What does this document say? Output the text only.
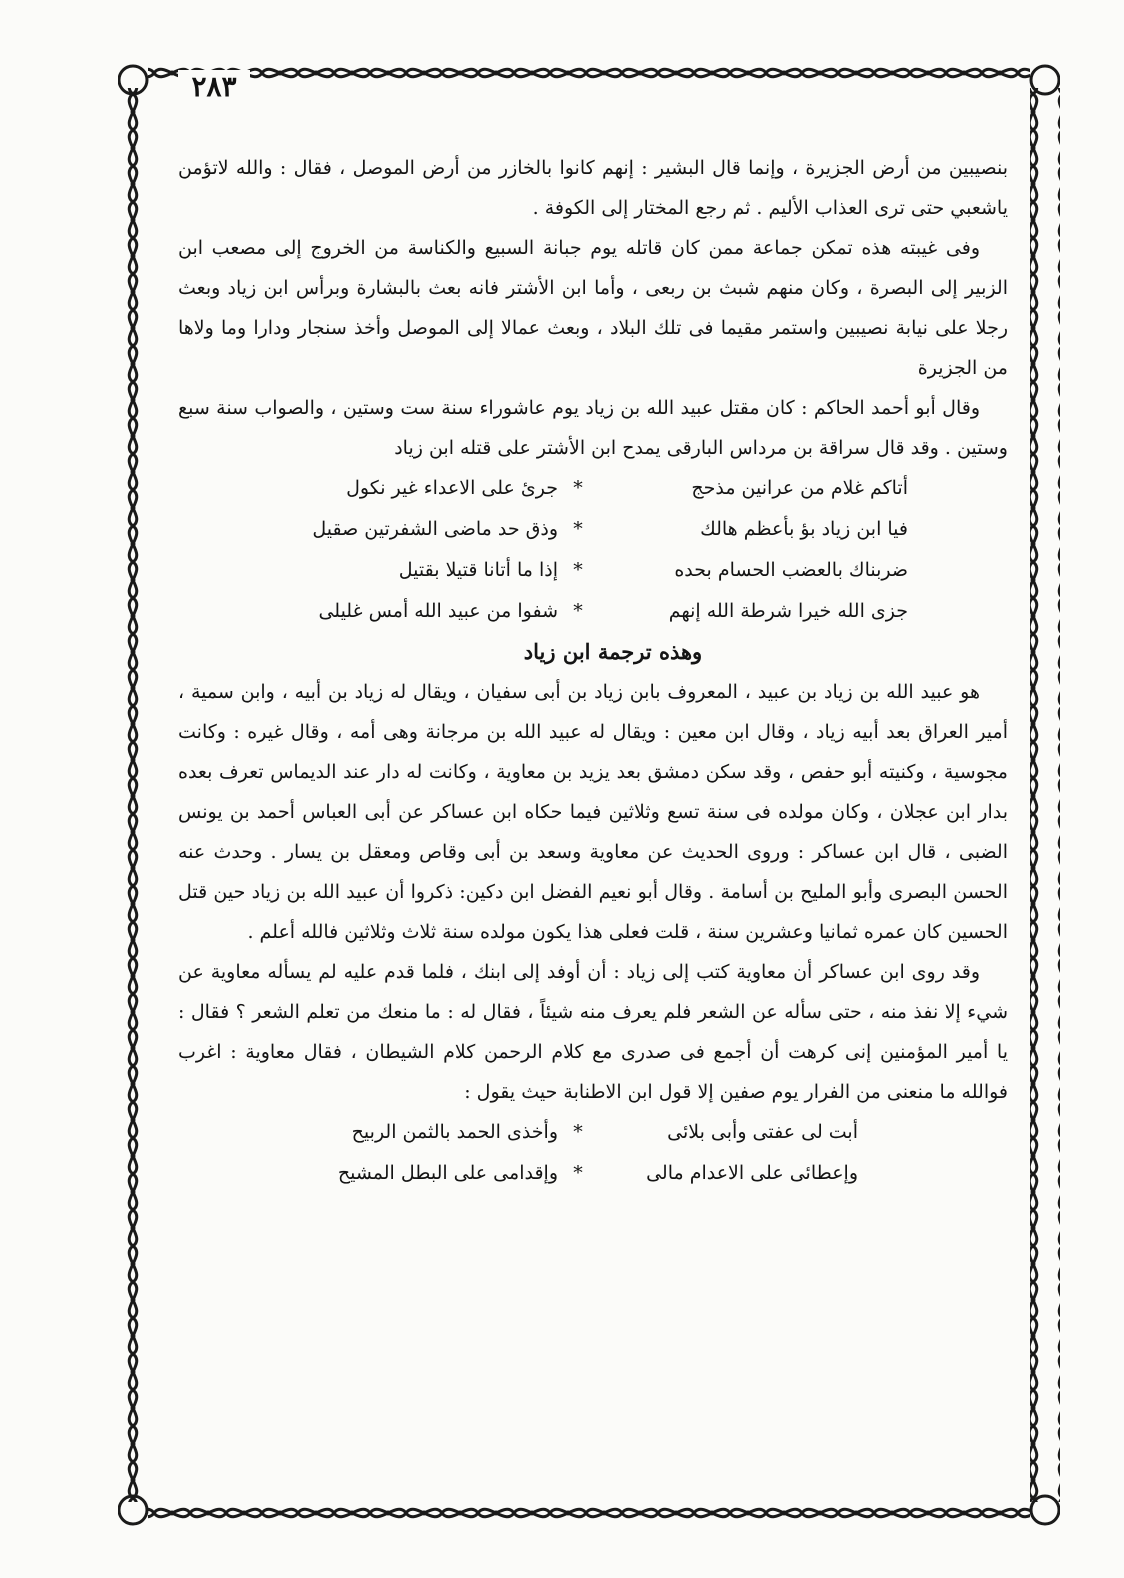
٢٨٣

بنصيبين من أرض الجزيرة ، وإنما قال البشير : إنهم كانوا بالخازر من أرض الموصل ، فقال : والله لاتؤمن ياشعبي حتى ترى العذاب الأليم . ثم رجع المختار إلى الكوفة .

وفى غيبته هذه تمكن جماعة ممن كان قاتله يوم جبانة السبيع والكناسة من الخروج إلى مصعب ابن الزبير إلى البصرة ، وكان منهم شبث بن ربعى ، وأما ابن الأشتر فانه بعث بالبشارة وبرأس ابن زياد وبعث رجلا على نيابة نصيبين واستمر مقيما فى تلك البلاد ، وبعث عمالا إلى الموصل وأخذ سنجار ودارا وما ولاها من الجزيرة

وقال أبو أحمد الحاكم : كان مقتل عبيد الله بن زياد يوم عاشوراء سنة ست وستين ، والصواب سنة سبع وستين . وقد قال سراقة بن مرداس البارقى يمدح ابن الأشتر على قتله ابن زياد

أتاكم غلام من عرانين مذحج
*
جرئ على الاعداء غير نكول
فيا ابن زياد بؤ بأعظم هالك
*
وذق حد ماضى الشفرتين صقيل
ضربناك بالعضب الحسام بحده
*
إذا ما أتانا قتيلا بقتيل
جزى الله خيرا شرطة الله إنهم
*
شفوا من عبيد الله أمس غليلى
وهذه ترجمة ابن زياد

هو عبيد الله بن زياد بن عبيد ، المعروف بابن زياد بن أبى سفيان ، ويقال له زياد بن أبيه ، وابن سمية ، أمير العراق بعد أبيه زياد ، وقال ابن معين : ويقال له عبيد الله بن مرجانة وهى أمه ، وقال غيره : وكانت مجوسية ، وكنيته أبو حفص ، وقد سكن دمشق بعد يزيد بن معاوية ، وكانت له دار عند الديماس تعرف بعده بدار ابن عجلان ، وكان مولده فى سنة تسع وثلاثين فيما حكاه ابن عساكر عن أبى العباس أحمد بن يونس الضبى ، قال ابن عساكر : وروى الحديث عن معاوية وسعد بن أبى وقاص ومعقل بن يسار . وحدث عنه الحسن البصرى وأبو المليح بن أسامة . وقال أبو نعيم الفضل ابن دكين: ذكروا أن عبيد الله بن زياد حين قتل الحسين كان عمره ثمانيا وعشرين سنة ، قلت فعلى هذا يكون مولده سنة ثلاث وثلاثين فالله أعلم .

وقد روى ابن عساكر أن معاوية كتب إلى زياد : أن أوفد إلى ابنك ، فلما قدم عليه لم يسأله معاوية عن شيء إلا نفذ منه ، حتى سأله عن الشعر فلم يعرف منه شيئاً ، فقال له : ما منعك من تعلم الشعر ؟ فقال : يا أمير المؤمنين إنى كرهت أن أجمع فى صدرى مع كلام الرحمن كلام الشيطان ، فقال معاوية : اغرب فوالله ما منعنى من الفرار يوم صفين إلا قول ابن الاطنابة حيث يقول :

أبت لى عفتى وأبى بلائى
*
وأخذى الحمد بالثمن الربيح
وإعطائى على الاعدام مالى
*
وإقدامى على البطل المشيح
